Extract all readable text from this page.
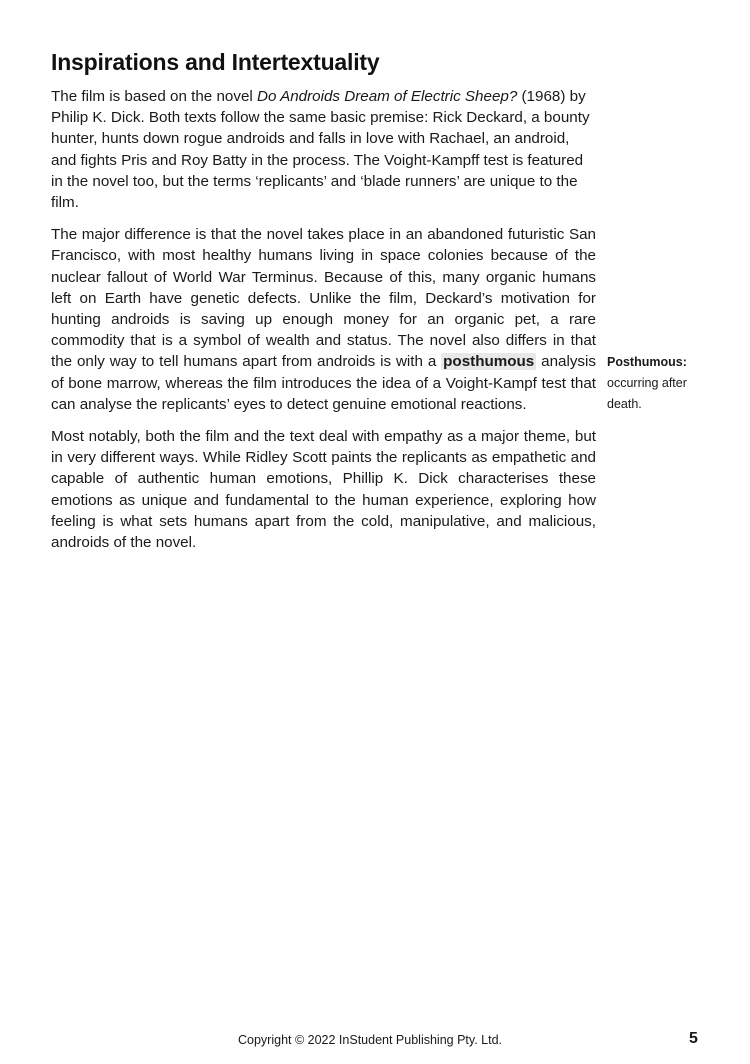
Inspirations and Intertextuality

The film is based on the novel Do Androids Dream of Electric Sheep? (1968) by Philip K. Dick. Both texts follow the same basic premise: Rick Deckard, a bounty hunter, hunts down rogue androids and falls in love with Rachael, an android, and fights Pris and Roy Batty in the process. The Voight-Kampff test is featured in the novel too, but the terms ‘replicants’ and ‘blade runners’ are unique to the film.

The major difference is that the novel takes place in an abandoned futuristic San Francisco, with most healthy humans living in space colonies because of the nuclear fallout of World War Terminus. Because of this, many organic humans left on Earth have genetic defects. Unlike the film, Deckard’s motivation for hunting androids is saving up enough money for an organic pet, a rare commodity that is a symbol of wealth and status. The novel also differs in that the only way to tell humans apart from androids is with a posthumous analysis of bone marrow, whereas the film introduces the idea of a Voight-Kampf test that can analyse the replicants’ eyes to detect genuine emotional reactions.

Most notably, both the film and the text deal with empathy as a major theme, but in very different ways. While Ridley Scott paints the replicants as empathetic and capable of authentic human emotions, Phillip K. Dick characterises these emotions as unique and fundamental to the human experience, exploring how feeling is what sets humans apart from the cold, manipulative, and malicious, androids of the novel.

Posthumous:
occurring after death.
Copyright © 2022 InStudent Publishing Pty. Ltd.	5
